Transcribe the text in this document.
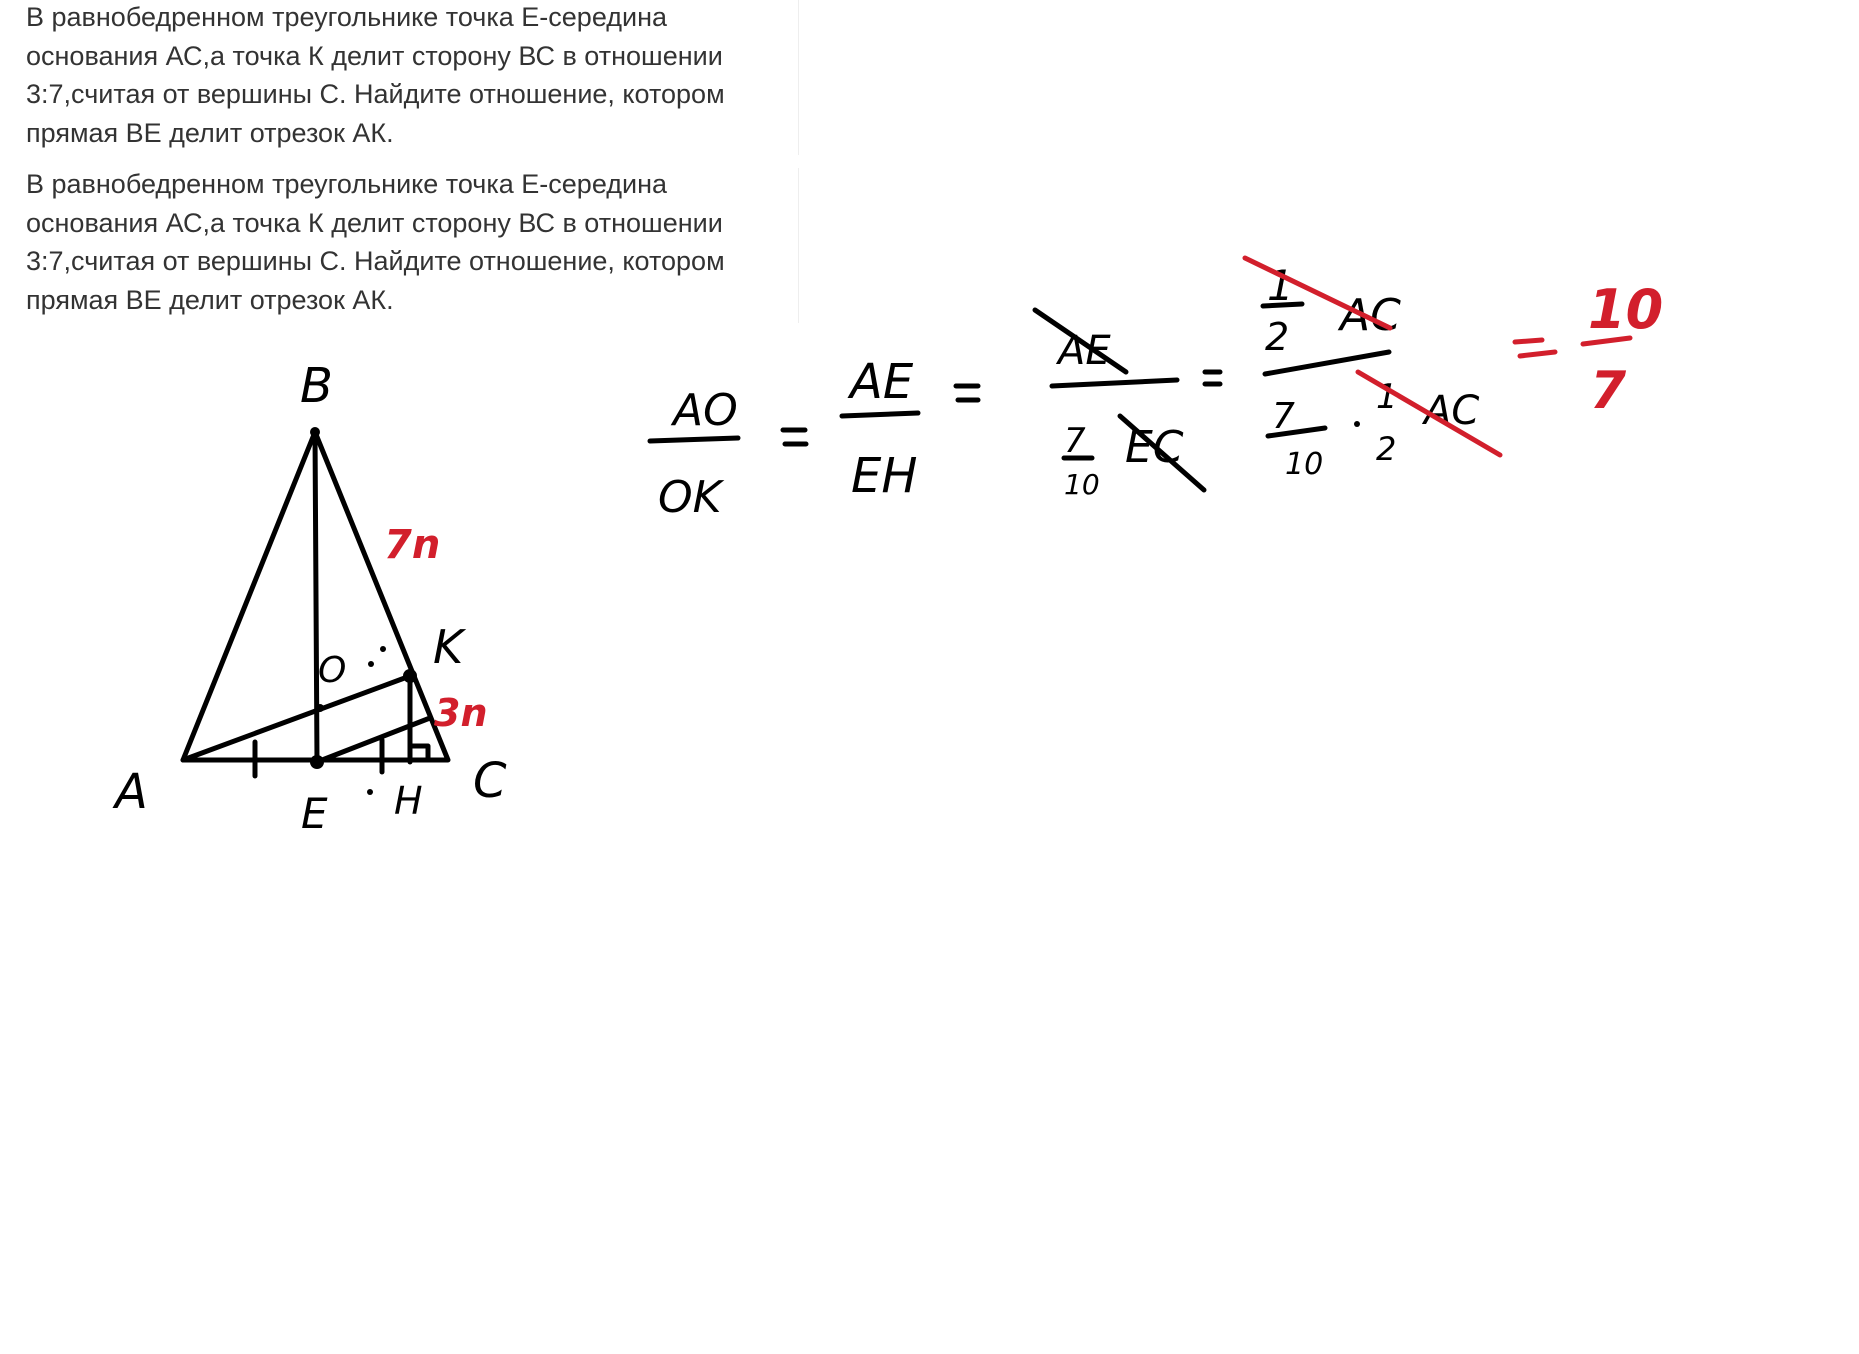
В равнобедренном треугольнике точка Е-середина основания АС,а точка К делит сторону ВС в отношении 3:7,считая от вершины С. Найдите отношение, котором прямая ВЕ делит отрезок АК.

В равнобедренном треугольнике точка Е-середина основания АС,а точка К делит сторону ВС в отношении 3:7,считая от вершины С. Найдите отношение, котором прямая ВЕ делит отрезок АК.

B
A	C
K
E H
O
7n
3n
AO
OK
AE
EH
AE
7
10
EC
1
2 AC
7
10
1
2
AC
10
7
